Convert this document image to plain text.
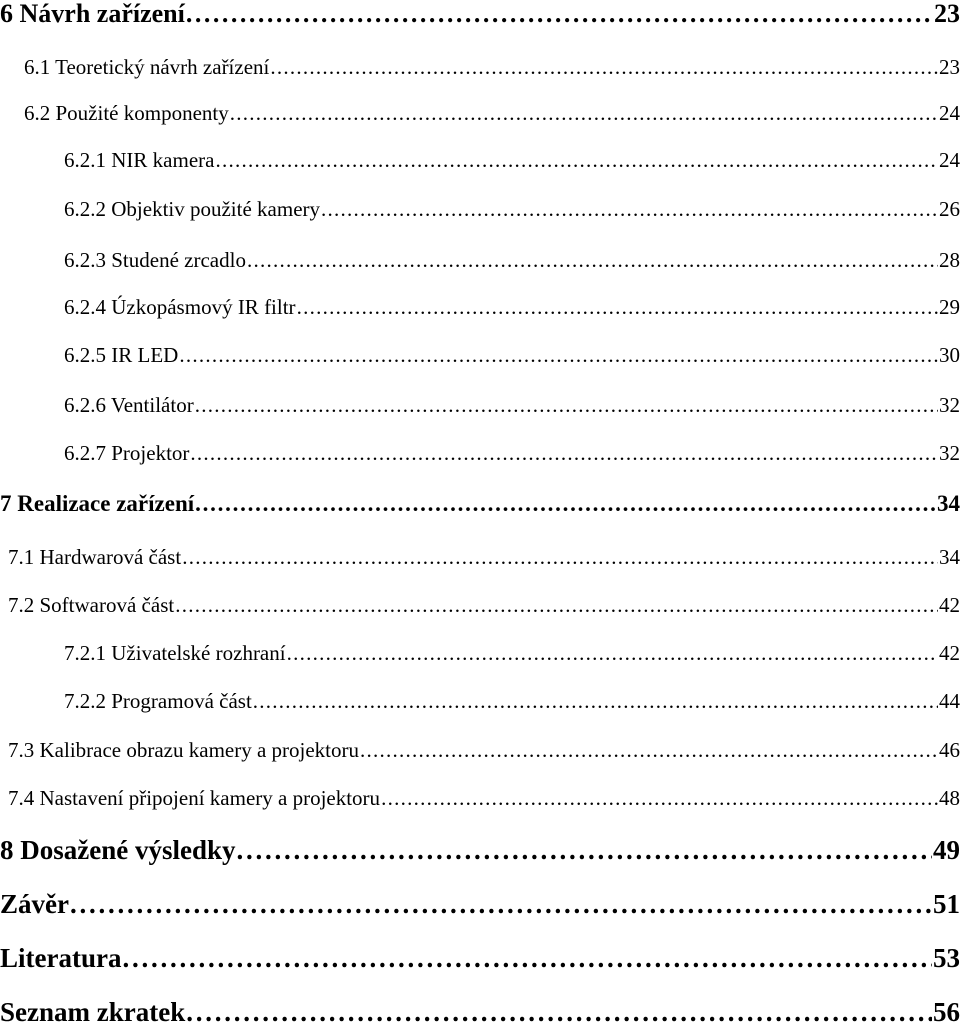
6 Návrh zařízení . . .	23
6.1 Teoretický návrh zařízení . . .	23
6.2 Použité komponenty . . .	24
6.2.1 NIR kamera . . .	24
6.2.2 Objektiv použité kamery . . .	26
6.2.3 Studené zrcadlo . . .	28
6.2.4 Úzkopásmový IR filtr . . .	29
6.2.5 IR LED . . .	30
6.2.6 Ventilátor . . .	32
6.2.7 Projektor . . .	32
7 Realizace zařízení . . .	34
7.1 Hardwarová část . . .	34
7.2 Softwarová část . . .	42
7.2.1 Uživatelské rozhraní . . .	42
7.2.2 Programová část . . .	44
7.3 Kalibrace obrazu kamery a projektoru . . .	46
7.4 Nastavení připojení kamery a projektoru . . .	48
8 Dosažené výsledky . . .	49
Závěr . . .	51
Literatura . . .	53
Seznam zkratek . . .	56
